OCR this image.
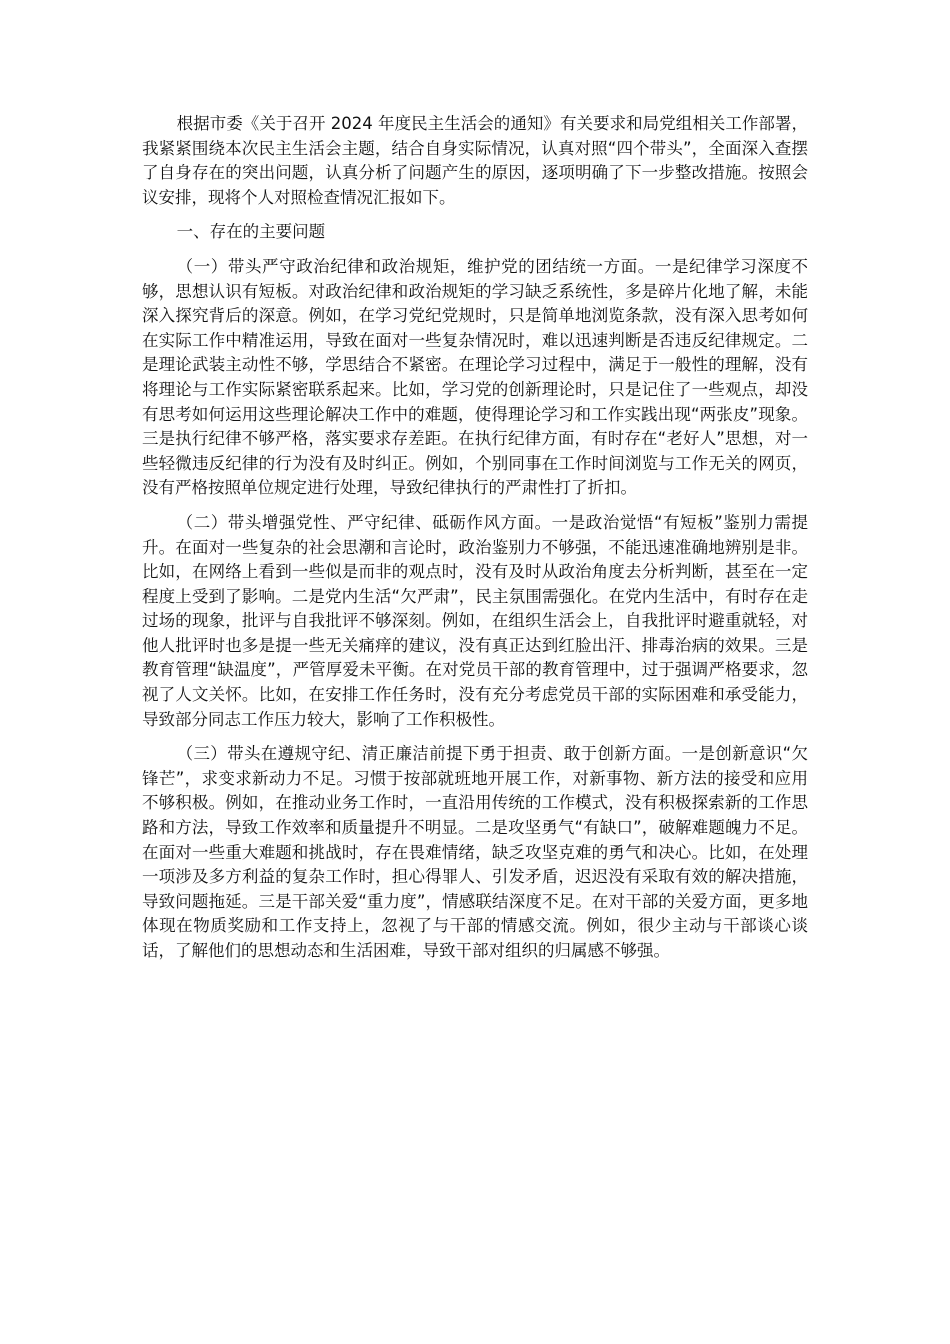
根据市委《关于召开 2024 年度民主生活会的通知》有关要求和局党组相关工作部署，我紧紧围绕本次民主生活会主题，结合自身实际情况，认真对照“四个带头”，全面深入查摆了自身存在的突出问题，认真分析了问题产生的原因，逐项明确了下一步整改措施。按照会议安排，现将个人对照检查情况汇报如下。

一、存在的主要问题

（一）带头严守政治纪律和政治规矩，维护党的团结统一方面。一是纪律学习深度不够，思想认识有短板。对政治纪律和政治规矩的学习缺乏系统性，多是碎片化地了解，未能深入探究背后的深意。例如，在学习党纪党规时，只是简单地浏览条款，没有深入思考如何在实际工作中精准运用，导致在面对一些复杂情况时，难以迅速判断是否违反纪律规定。二是理论武装主动性不够，学思结合不紧密。在理论学习过程中，满足于一般性的理解，没有将理论与工作实际紧密联系起来。比如，学习党的创新理论时，只是记住了一些观点，却没有思考如何运用这些理论解决工作中的难题，使得理论学习和工作实践出现“两张皮”现象。三是执行纪律不够严格，落实要求存差距。在执行纪律方面，有时存在“老好人”思想，对一些轻微违反纪律的行为没有及时纠正。例如，个别同事在工作时间浏览与工作无关的网页，没有严格按照单位规定进行处理，导致纪律执行的严肃性打了折扣。

（二）带头增强党性、严守纪律、砥砺作风方面。一是政治觉悟“有短板”鉴别力需提升。在面对一些复杂的社会思潮和言论时，政治鉴别力不够强，不能迅速准确地辨别是非。比如，在网络上看到一些似是而非的观点时，没有及时从政治角度去分析判断，甚至在一定程度上受到了影响。二是党内生活“欠严肃”，民主氛围需强化。在党内生活中，有时存在走过场的现象，批评与自我批评不够深刻。例如，在组织生活会上，自我批评时避重就轻，对他人批评时也多是提一些无关痛痒的建议，没有真正达到红脸出汗、排毒治病的效果。三是教育管理“缺温度”，严管厚爱未平衡。在对党员干部的教育管理中，过于强调严格要求，忽视了人文关怀。比如，在安排工作任务时，没有充分考虑党员干部的实际困难和承受能力，导致部分同志工作压力较大，影响了工作积极性。

（三）带头在遵规守纪、清正廉洁前提下勇于担责、敢于创新方面。一是创新意识“欠锋芒”，求变求新动力不足。习惯于按部就班地开展工作，对新事物、新方法的接受和应用不够积极。例如，在推动业务工作时，一直沿用传统的工作模式，没有积极探索新的工作思路和方法，导致工作效率和质量提升不明显。二是攻坚勇气“有缺口”，破解难题魄力不足。在面对一些重大难题和挑战时，存在畏难情绪，缺乏攻坚克难的勇气和决心。比如，在处理一项涉及多方利益的复杂工作时，担心得罪人、引发矛盾，迟迟没有采取有效的解决措施，导致问题拖延。三是干部关爱“重力度”，情感联结深度不足。在对干部的关爱方面，更多地体现在物质奖励和工作支持上，忽视了与干部的情感交流。例如，很少主动与干部谈心谈话，了解他们的思想动态和生活困难，导致干部对组织的归属感不够强。
